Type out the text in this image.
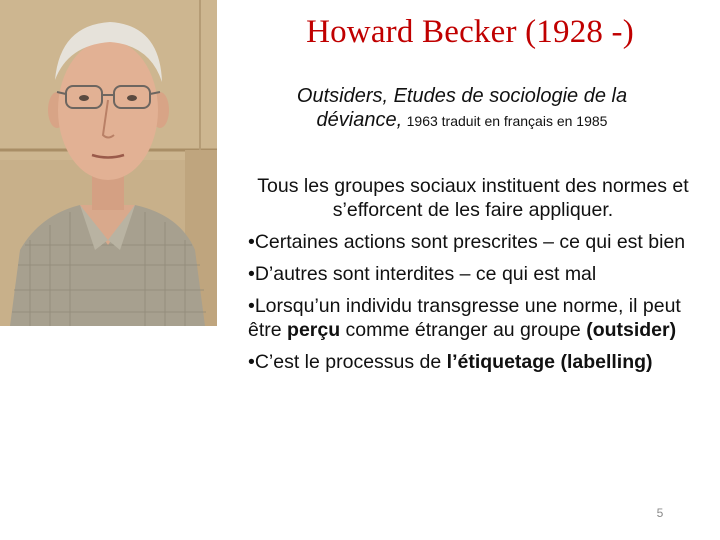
Howard Becker (1928 -)
Outsiders, Etudes de sociologie de la
déviance, 1963 traduit en français en 1985
Tous les groupes sociaux instituent des normes et s’efforcent de les faire appliquer.
•Certaines actions sont prescrites – ce qui est bien
•D’autres sont interdites – ce qui est mal
•Lorsqu’un individu transgresse une norme, il peut être perçu comme étranger au groupe (outsider)
•C’est le processus de l’étiquetage (labelling)
5
